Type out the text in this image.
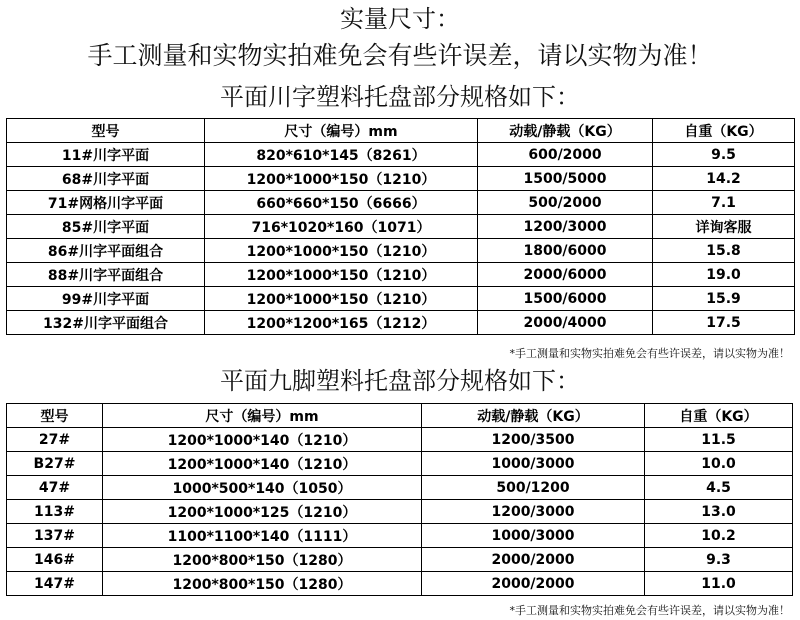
实量尺寸：
手工测量和实物实拍难免会有些许误差，请以实物为准！
平面川字塑料托盘部分规格如下：
型号	尺寸（编号）mm	动载/静载（KG）	自重（KG）
11#川字平面	820*610*145（8261）	600/2000	9.5
68#川字平面	1200*1000*150（1210）	1500/5000	14.2
71#网格川字平面	660*660*150（6666）	500/2000	7.1
85#川字平面	716*1020*160（1071）	1200/3000	详询客服
86#川字平面组合	1200*1000*150（1210）	1800/6000	15.8
88#川字平面组合	1200*1000*150（1210）	2000/6000	19.0
99#川字平面	1200*1000*150（1210）	1500/6000	15.9
132#川字平面组合	1200*1200*165（1212）	2000/4000	17.5
*手工测量和实物实拍难免会有些许误差，请以实物为准！
平面九脚塑料托盘部分规格如下：
型号	尺寸（编号）mm	动载/静载（KG）	自重（KG）
27#	1200*1000*140（1210）	1200/3500	11.5
B27#	1200*1000*140（1210）	1000/3000	10.0
47#	1000*500*140（1050）	500/1200	4.5
113#	1200*1000*125（1210）	1200/3000	13.0
137#	1100*1100*140（1111）	1000/3000	10.2
146#	1200*800*150（1280）	2000/2000	9.3
147#	1200*800*150（1280）	2000/2000	11.0
*手工测量和实物实拍难免会有些许误差，请以实物为准！
